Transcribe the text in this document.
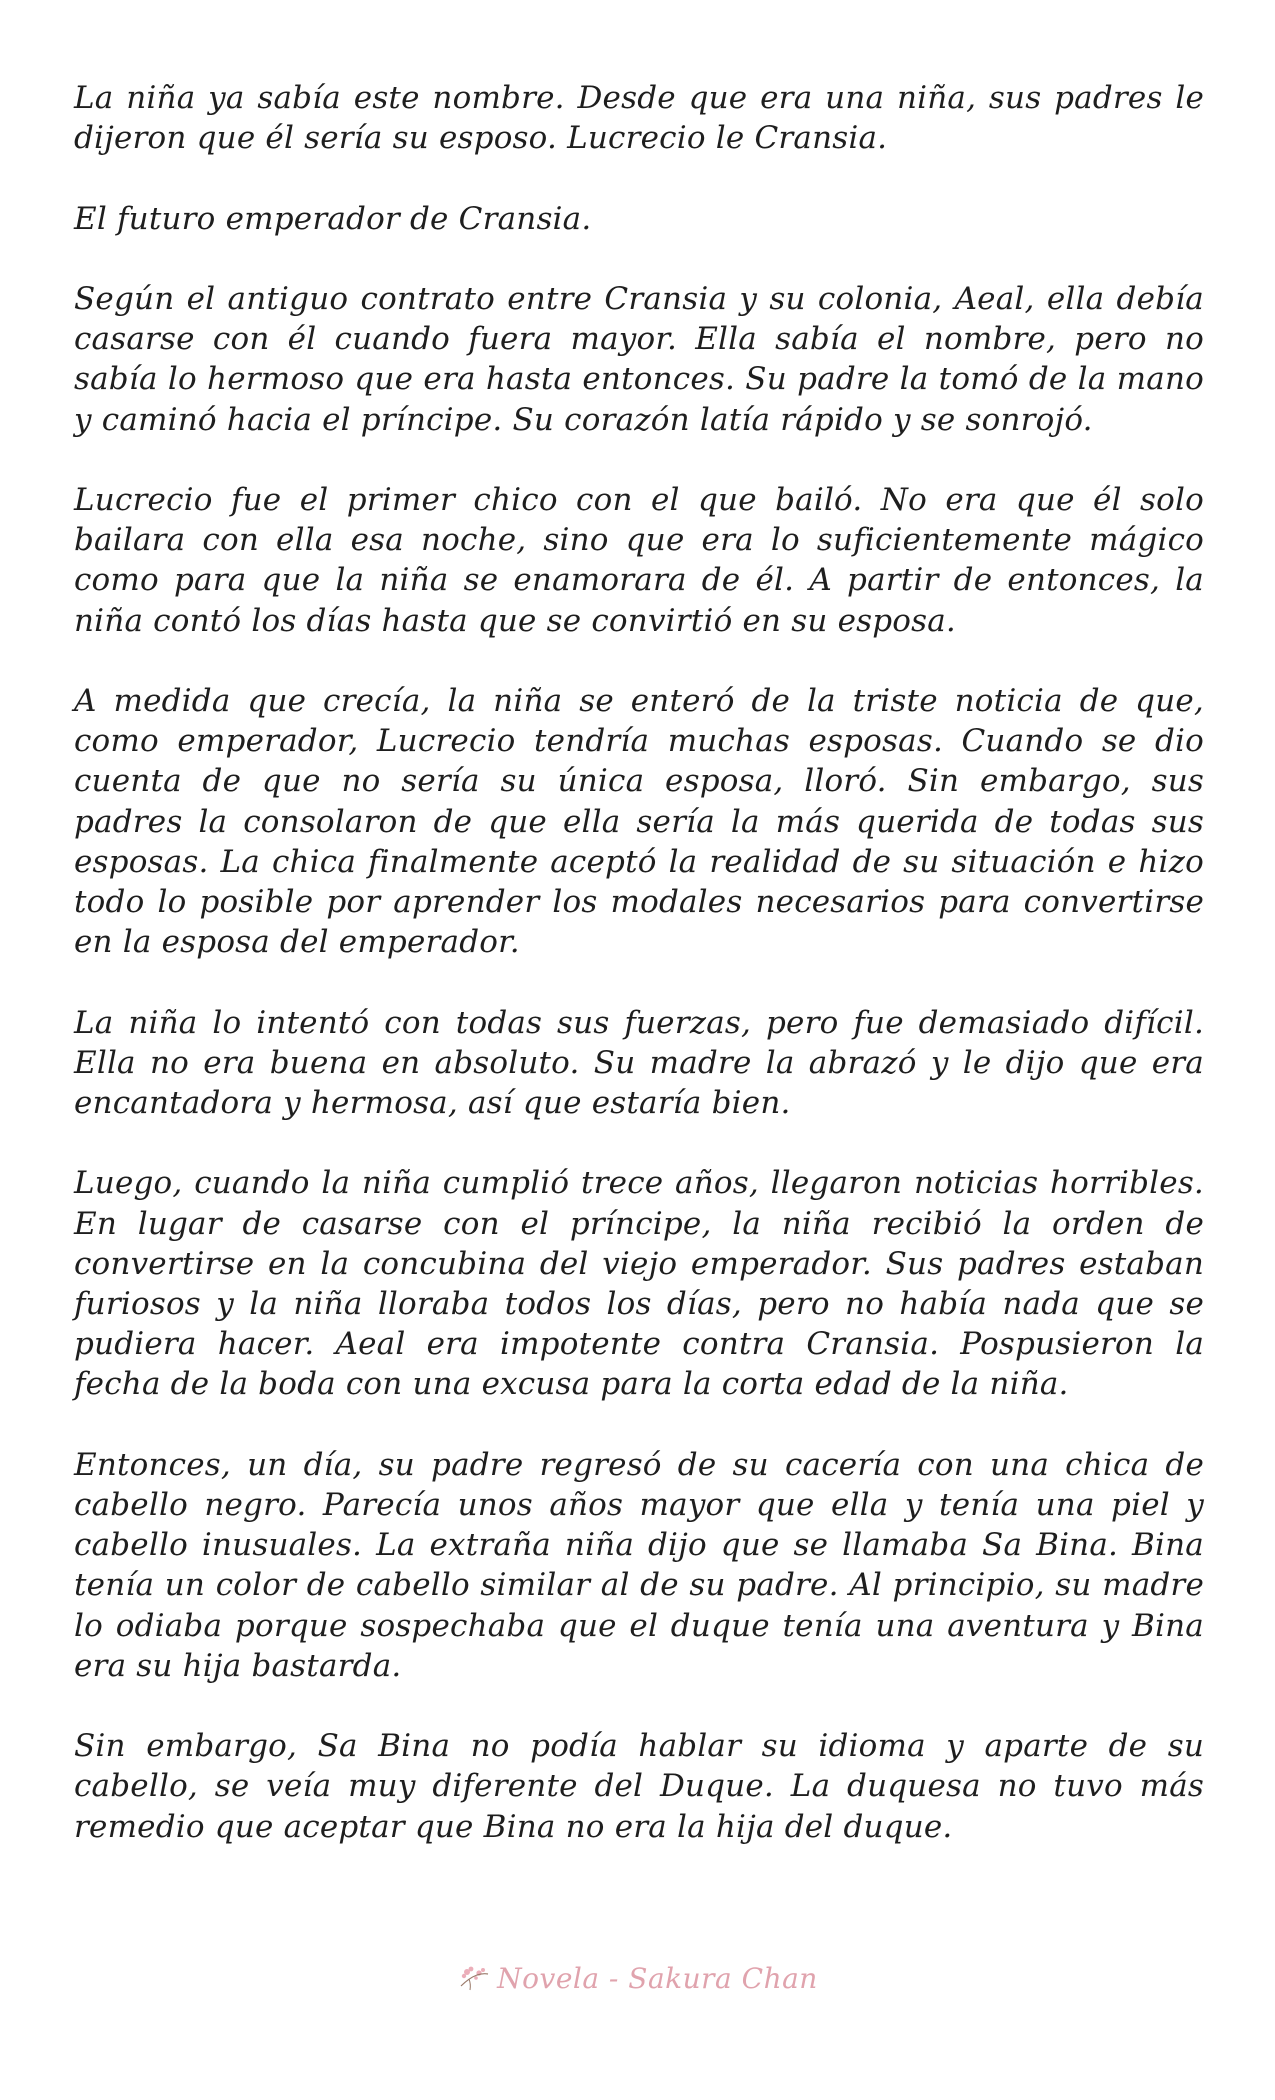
La niña ya sabía este nombre. Desde que era una niña, sus padres le dijeron que él sería su esposo. Lucrecio le Cransia.

El futuro emperador de Cransia.

Según el antiguo contrato entre Cransia y su colonia, Aeal, ella debía casarse con él cuando fuera mayor. Ella sabía el nombre, pero no sabía lo hermoso que era hasta entonces. Su padre la tomó de la mano y caminó hacia el príncipe. Su corazón latía rápido y se sonrojó.

Lucrecio fue el primer chico con el que bailó. No era que él solo bailara con ella esa noche, sino que era lo suficientemente mágico como para que la niña se enamorara de él. A partir de entonces, la niña contó los días hasta que se convirtió en su esposa.

A medida que crecía, la niña se enteró de la triste noticia de que, como emperador, Lucrecio tendría muchas esposas. Cuando se dio cuenta de que no sería su única esposa, lloró. Sin embargo, sus padres la consolaron de que ella sería la más querida de todas sus esposas. La chica finalmente aceptó la realidad de su situación e hizo todo lo posible por aprender los modales necesarios para convertirse en la esposa del emperador.

La niña lo intentó con todas sus fuerzas, pero fue demasiado difícil. Ella no era buena en absoluto. Su madre la abrazó y le dijo que era encantadora y hermosa, así que estaría bien.

Luego, cuando la niña cumplió trece años, llegaron noticias horribles. En lugar de casarse con el príncipe, la niña recibió la orden de convertirse en la concubina del viejo emperador. Sus padres estaban furiosos y la niña lloraba todos los días, pero no había nada que se pudiera hacer. Aeal era impotente contra Cransia. Pospusieron la fecha de la boda con una excusa para la corta edad de la niña.

Entonces, un día, su padre regresó de su cacería con una chica de cabello negro. Parecía unos años mayor que ella y tenía una piel y cabello inusuales. La extraña niña dijo que se llamaba Sa Bina. Bina tenía un color de cabello similar al de su padre. Al principio, su madre lo odiaba porque sospechaba que el duque tenía una aventura y Bina era su hija bastarda.

Sin embargo, Sa Bina no podía hablar su idioma y aparte de su cabello, se veía muy diferente del Duque. La duquesa no tuvo más remedio que aceptar que Bina no era la hija del duque.

Novela - Sakura Chan
